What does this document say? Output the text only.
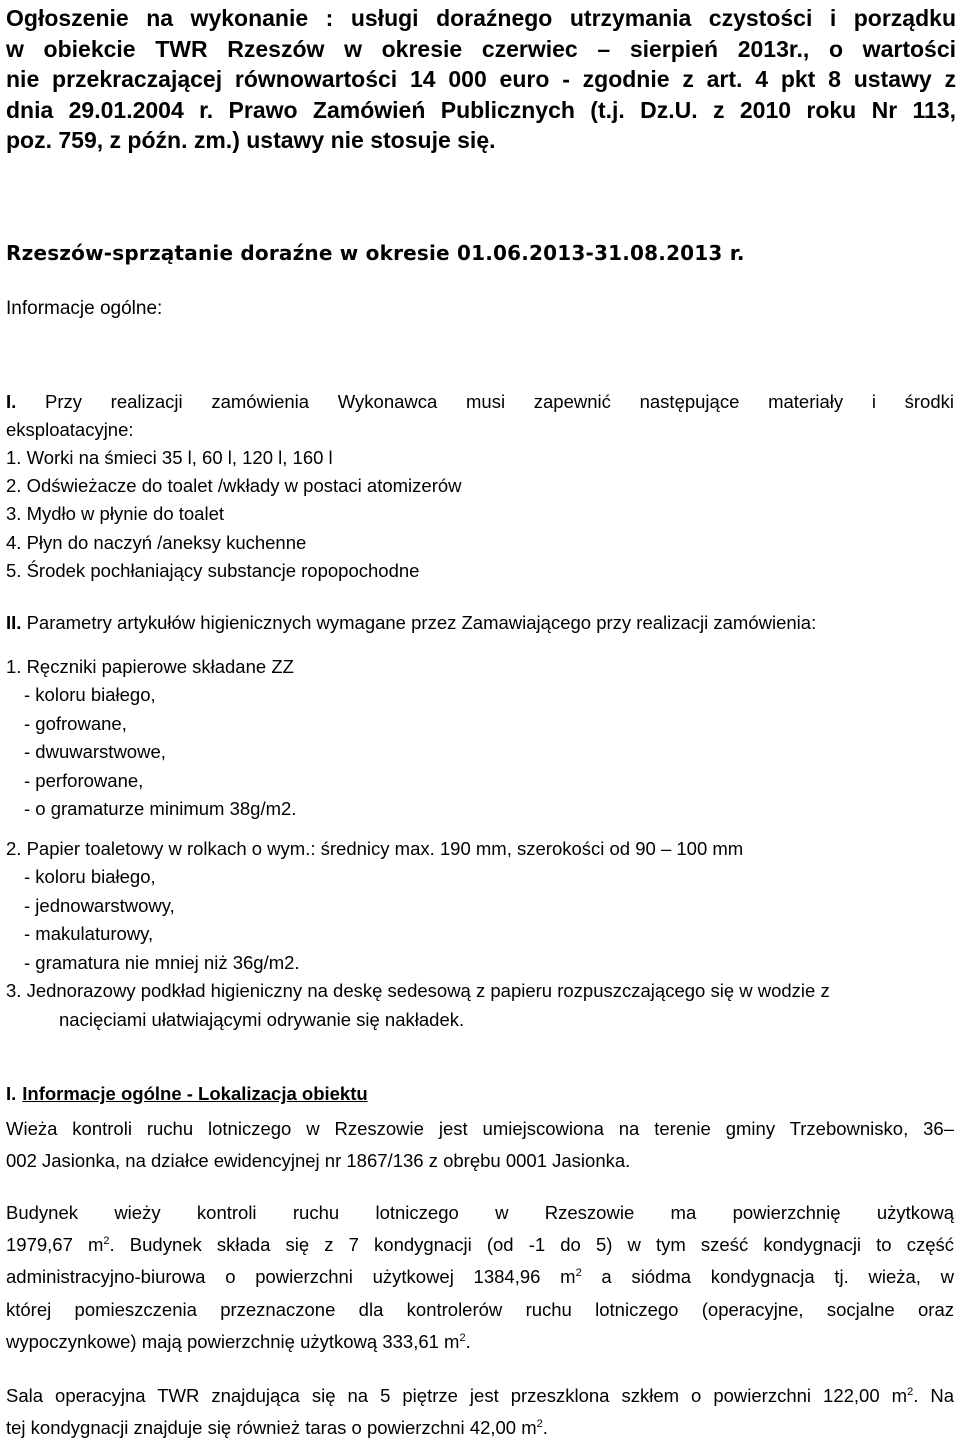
Ogłoszenie na wykonanie : usługi doraźnego utrzymania czystości i porządku
w obiekcie TWR Rzeszów w okresie czerwiec – sierpień 2013r., o wartości
nie przekraczającej równowartości 14 000 euro - zgodnie z art. 4 pkt 8 ustawy z
dnia 29.01.2004 r. Prawo Zamówień Publicznych (t.j. Dz.U. z 2010 roku Nr 113,
poz. 759, z późn. zm.) ustawy nie stosuje się.
Rzeszów-sprzątanie doraźne w okresie 01.06.2013-31.08.2013 r.
Informacje ogólne:
I. Przy realizacji zamówienia Wykonawca musi zapewnić następujące materiały i środki
eksploatacyjne:
1. Worki na śmieci 35 l, 60 l, 120 l, 160 l
2. Odświeżacze do toalet /wkłady w postaci atomizerów
3. Mydło w płynie do toalet
4. Płyn do naczyń /aneksy kuchenne
5. Środek pochłaniający substancje ropopochodne
II. Parametry artykułów higienicznych wymagane przez Zamawiającego przy realizacji zamówienia:
1. Ręczniki papierowe składane ZZ
- koloru białego,
- gofrowane,
- dwuwarstwowe,
- perforowane,
- o gramaturze minimum 38g/m2.
2. Papier toaletowy w rolkach o wym.: średnicy max. 190 mm, szerokości od 90 – 100 mm
- koloru białego,
- jednowarstwowy,
- makulaturowy,
- gramatura nie mniej niż 36g/m2.
3. Jednorazowy podkład higieniczny na deskę sedesową z papieru rozpuszczającego się w wodzie z
nacięciami ułatwiającymi odrywanie się nakładek.
I. Informacje ogólne - Lokalizacja obiektu
Wieża kontroli ruchu lotniczego w Rzeszowie jest umiejscowiona na terenie gminy Trzebownisko, 36–
002 Jasionka, na działce ewidencyjnej nr 1867/136 z obrębu 0001 Jasionka.
Budynek wieży kontroli ruchu lotniczego w Rzeszowie ma powierzchnię użytkową
1979,67 $m^2$. Budynek składa się z 7 kondygnacji (od -1 do 5) w tym sześć kondygnacji to część
administracyjno-biurowa o powierzchni użytkowej 1384,96 $m^2$ a siódma kondygnacja tj. wieża, w
której pomieszczenia przeznaczone dla kontrolerów ruchu lotniczego (operacyjne, socjalne oraz
wypoczynkowe) mają powierzchnię użytkową 333,61 $m^2$.
Sala operacyjna TWR znajdująca się na 5 piętrze jest przeszklona szkłem o powierzchni 122,00 $m^2$. Na
tej kondygnacji znajduje się również taras o powierzchni 42,00 $m^2$.
